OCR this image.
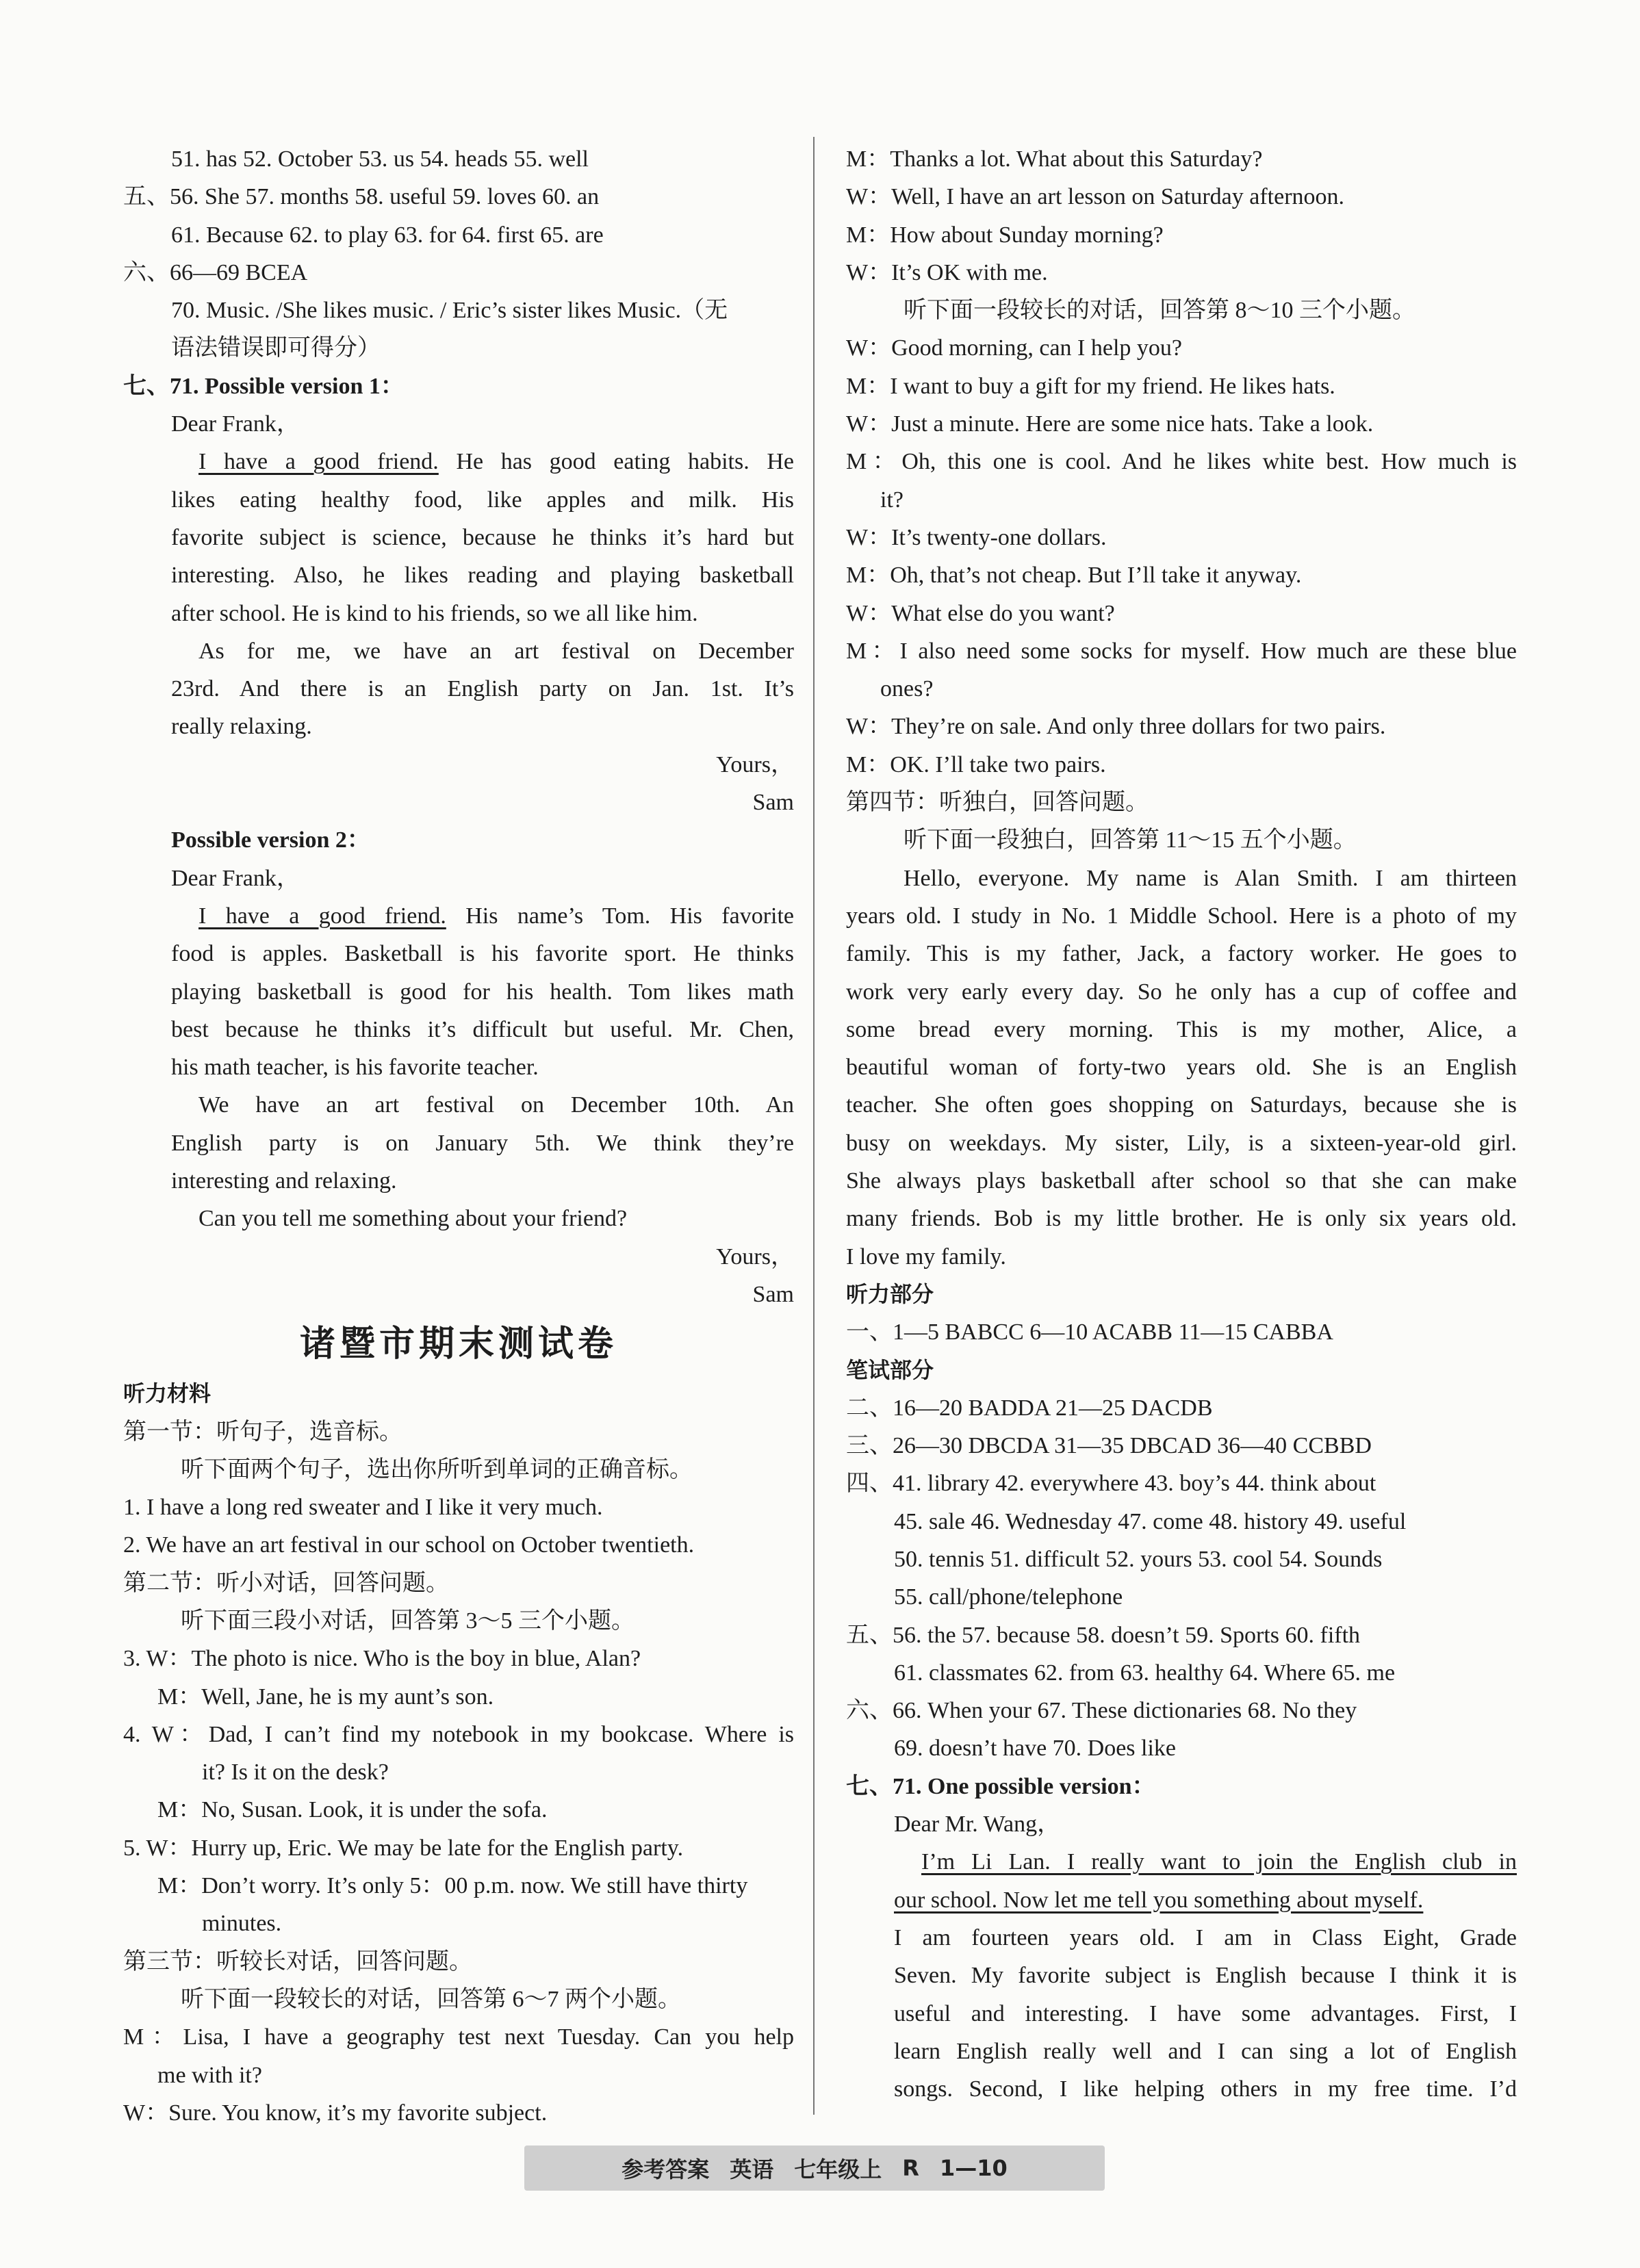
51. has 52. October 53. us 54. heads 55. well
五、56. She 57. months 58. useful 59. loves 60. an
61. Because 62. to play 63. for 64. first 65. are
六、66—69 BCEA
70. Music. /She likes music. / Eric’s sister likes Music.（无
语法错误即可得分）
七、71. Possible version 1：
Dear Frank，
I have a good friend. He has good eating habits. He
likes eating healthy food, like apples and milk. His
favorite subject is science, because he thinks it’s hard but
interesting. Also, he likes reading and playing basketball
after school. He is kind to his friends, so we all like him.
As for me, we have an art festival on December
23rd. And there is an English party on Jan. 1st. It’s
really relaxing.
Yours，
Sam
Possible version 2：
Dear Frank，
I have a good friend. His name’s Tom. His favorite
food is apples. Basketball is his favorite sport. He thinks
playing basketball is good for his health. Tom likes math
best because he thinks it’s difficult but useful. Mr. Chen,
his math teacher, is his favorite teacher.
We have an art festival on December 10th. An
English party is on January 5th. We think they’re
interesting and relaxing.
Can you tell me something about your friend?
Yours，
Sam
诸暨市期末测试卷
听力材料
第一节：听句子，选音标。
听下面两个句子，选出你所听到单词的正确音标。
1. I have a long red sweater and I like it very much.
2. We have an art festival in our school on October twentieth.
第二节：听小对话，回答问题。
听下面三段小对话，回答第 3～5 三个小题。
3. W：The photo is nice. Who is the boy in blue, Alan?
M：Well, Jane, he is my aunt’s son.
4. W：Dad, I can’t find my notebook in my bookcase. Where is
it? Is it on the desk?
M：No, Susan. Look, it is under the sofa.
5. W：Hurry up, Eric. We may be late for the English party.
M：Don’t worry. It’s only 5：00 p.m. now. We still have thirty
minutes.
第三节：听较长对话，回答问题。
听下面一段较长的对话，回答第 6～7 两个小题。
M：Lisa, I have a geography test next Tuesday. Can you help
me with it?
W：Sure. You know, it’s my favorite subject.
M：Thanks a lot. What about this Saturday?
W：Well, I have an art lesson on Saturday afternoon.
M：How about Sunday morning?
W：It’s OK with me.
听下面一段较长的对话，回答第 8～10 三个小题。
W：Good morning, can I help you?
M：I want to buy a gift for my friend. He likes hats.
W：Just a minute. Here are some nice hats. Take a look.
M：Oh, this one is cool. And he likes white best. How much is
it?
W：It’s twenty-one dollars.
M：Oh, that’s not cheap. But I’ll take it anyway.
W：What else do you want?
M：I also need some socks for myself. How much are these blue
ones?
W：They’re on sale. And only three dollars for two pairs.
M：OK. I’ll take two pairs.
第四节：听独白，回答问题。
听下面一段独白，回答第 11～15 五个小题。
Hello, everyone. My name is Alan Smith. I am thirteen
years old. I study in No. 1 Middle School. Here is a photo of my
family. This is my father, Jack, a factory worker. He goes to
work very early every day. So he only has a cup of coffee and
some bread every morning. This is my mother, Alice, a
beautiful woman of forty-two years old. She is an English
teacher. She often goes shopping on Saturdays, because she is
busy on weekdays. My sister, Lily, is a sixteen-year-old girl.
She always plays basketball after school so that she can make
many friends. Bob is my little brother. He is only six years old.
I love my family.
听力部分
一、1—5 BABCC 6—10 ACABB 11—15 CABBA
笔试部分
二、16—20 BADDA 21—25 DACDB
三、26—30 DBCDA 31—35 DBCAD 36—40 CCBBD
四、41. library 42. everywhere 43. boy’s 44. think about
45. sale 46. Wednesday 47. come 48. history 49. useful
50. tennis 51. difficult 52. yours 53. cool 54. Sounds
55. call/phone/telephone
五、56. the 57. because 58. doesn’t 59. Sports 60. fifth
61. classmates 62. from 63. healthy 64. Where 65. me
六、66. When your 67. These dictionaries 68. No they
69. doesn’t have 70. Does like
七、71. One possible version：
Dear Mr. Wang，
I’m Li Lan. I really want to join the English club in
our school. Now let me tell you something about myself.
I am fourteen years old. I am in Class Eight, Grade
Seven. My favorite subject is English because I think it is
useful and interesting. I have some advantages. First, I
learn English really well and I can sing a lot of English
songs. Second, I like helping others in my free time. I’d
参考答案 英语 七年级上 R 1—10
